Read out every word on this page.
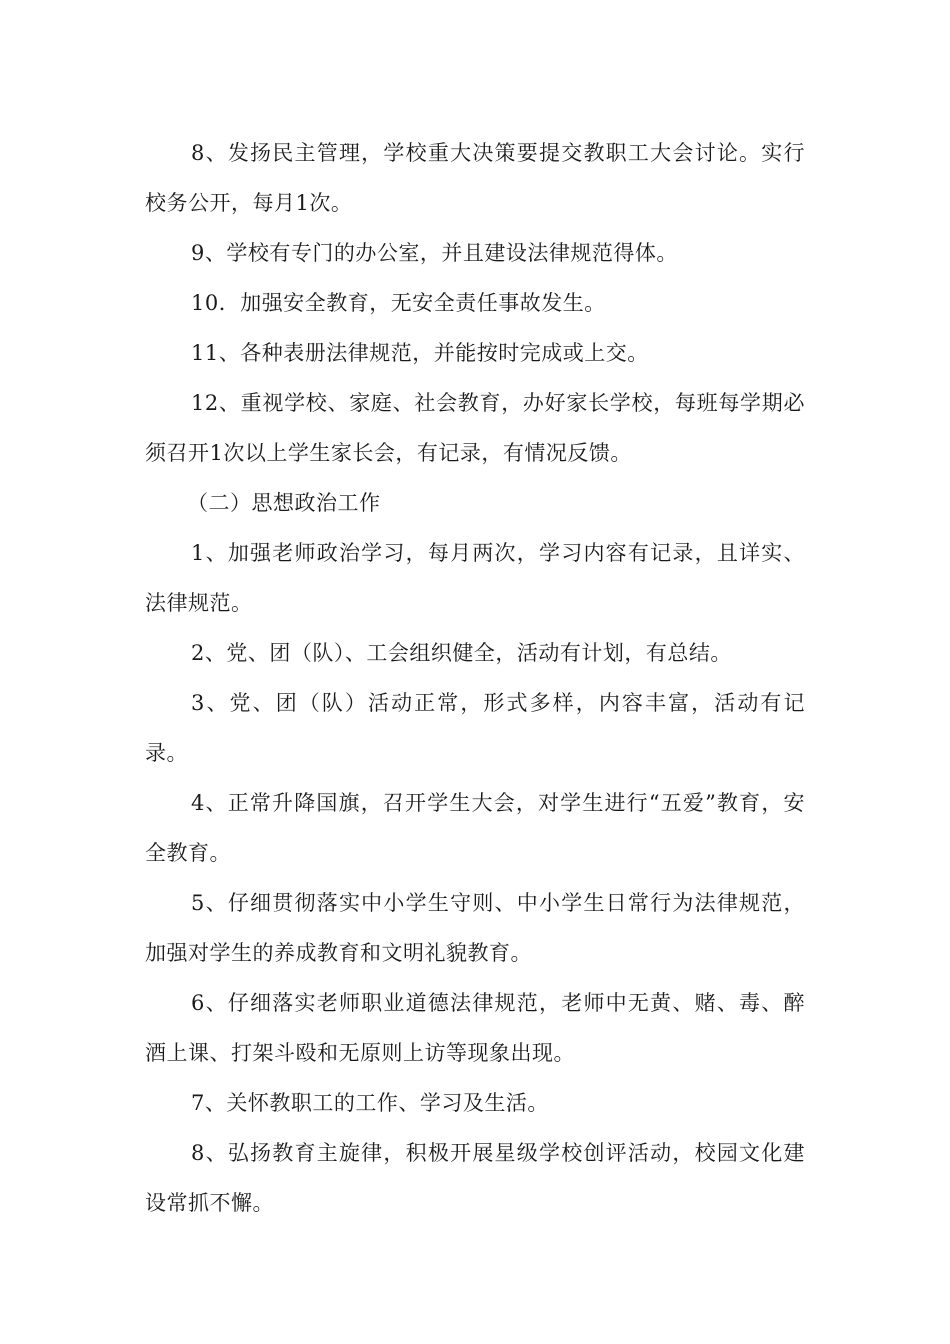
8、发扬民主管理，学校重大决策要提交教职工大会讨论。实行校务公开，每月1次。

9、学校有专门的办公室，并且建设法律规范得体。

10．加强安全教育，无安全责任事故发生。

11、各种表册法律规范，并能按时完成或上交。

12、重视学校、家庭、社会教育，办好家长学校，每班每学期必须召开1次以上学生家长会，有记录，有情况反馈。

（二）思想政治工作

1、加强老师政治学习，每月两次，学习内容有记录，且详实、法律规范。

2、党、团（队）、工会组织健全，活动有计划，有总结。

3、党、团（队）活动正常，形式多样，内容丰富，活动有记录。

4、正常升降国旗，召开学生大会，对学生进行“五爱”教育，安全教育。

5、仔细贯彻落实中小学生守则、中小学生日常行为法律规范，加强对学生的养成教育和文明礼貌教育。

6、仔细落实老师职业道德法律规范，老师中无黄、赌、毒、醉酒上课、打架斗殴和无原则上访等现象出现。

7、关怀教职工的工作、学习及生活。

8、弘扬教育主旋律，积极开展星级学校创评活动，校园文化建设常抓不懈。
